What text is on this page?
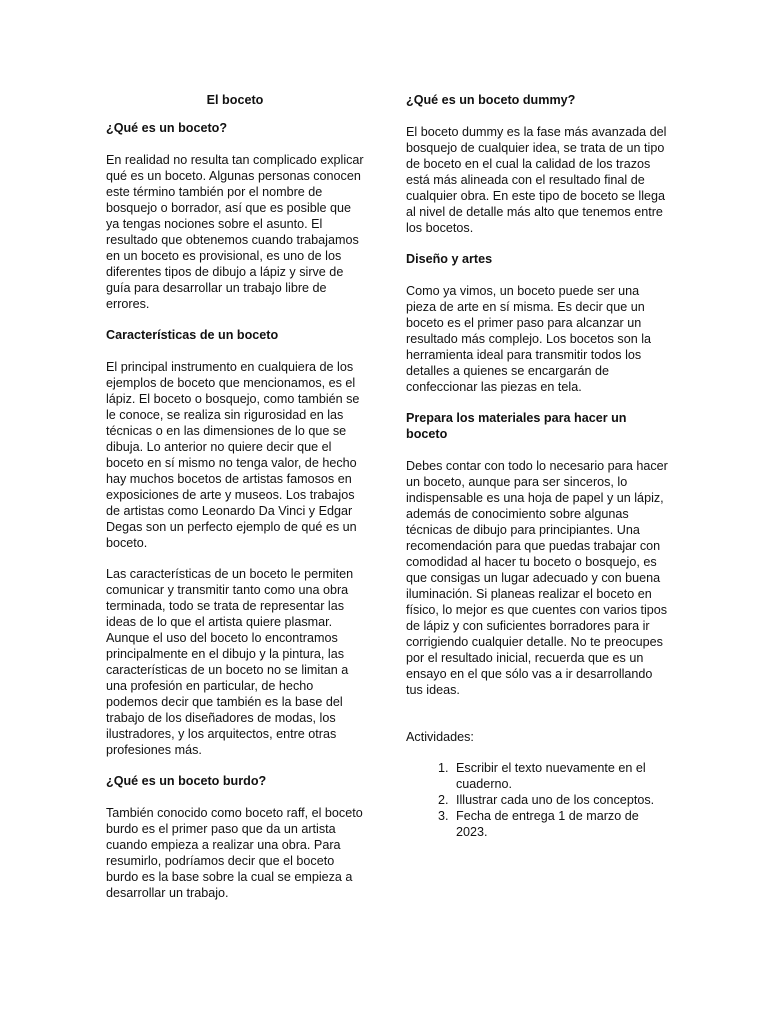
El boceto
¿Qué es un boceto?

En realidad no resulta tan complicado explicar qué es un boceto. Algunas personas conocen este término también por el nombre de bosquejo o borrador, así que es posible que ya tengas nociones sobre el asunto. El resultado que obtenemos cuando trabajamos en un boceto es provisional, es uno de los diferentes tipos de dibujo a lápiz y sirve de guía para desarrollar un trabajo libre de errores.

Características de un boceto

El principal instrumento en cualquiera de los ejemplos de boceto que mencionamos, es el lápiz. El boceto o bosquejo, como también se le conoce, se realiza sin rigurosidad en las técnicas o en las dimensiones de lo que se dibuja. Lo anterior no quiere decir que el boceto en sí mismo no tenga valor, de hecho hay muchos bocetos de artistas famosos en exposiciones de arte y museos. Los trabajos de artistas como Leonardo Da Vinci y Edgar Degas son un perfecto ejemplo de qué es un boceto.

Las características de un boceto le permiten comunicar y transmitir tanto como una obra terminada, todo se trata de representar las ideas de lo que el artista quiere plasmar. Aunque el uso del boceto lo encontramos principalmente en el dibujo y la pintura, las características de un boceto no se limitan a una profesión en particular, de hecho podemos decir que también es la base del trabajo de los diseñadores de modas, los ilustradores, y los arquitectos, entre otras profesiones más.

¿Qué es un boceto burdo?

También conocido como boceto raff, el boceto burdo es el primer paso que da un artista cuando empieza a realizar una obra. Para resumirlo, podríamos decir que el boceto burdo es la base sobre la cual se empieza a desarrollar un trabajo.

¿Qué es un boceto dummy?

El boceto dummy es la fase más avanzada del bosquejo de cualquier idea, se trata de un tipo de boceto en el cual la calidad de los trazos está más alineada con el resultado final de cualquier obra. En este tipo de boceto se llega al nivel de detalle más alto que tenemos entre los bocetos.

Diseño y artes

Como ya vimos, un boceto puede ser una pieza de arte en sí misma. Es decir que un boceto es el primer paso para alcanzar un resultado más complejo. Los bocetos son la herramienta ideal para transmitir todos los detalles a quienes se encargarán de confeccionar las piezas en tela.

Prepara los materiales para hacer un boceto

Debes contar con todo lo necesario para hacer un boceto, aunque para ser sinceros, lo indispensable es una hoja de papel y un lápiz, además de conocimiento sobre algunas técnicas de dibujo para principiantes. Una recomendación para que puedas trabajar con comodidad al hacer tu boceto o bosquejo, es que consigas un lugar adecuado y con buena iluminación. Si planeas realizar el boceto en físico, lo mejor es que cuentes con varios tipos de lápiz y con suficientes borradores para ir corrigiendo cualquier detalle. No te preocupes por el resultado inicial, recuerda que es un ensayo en el que sólo vas a ir desarrollando tus ideas.

Actividades:

1. Escribir el texto nuevamente en el cuaderno.
2. Illustrar cada uno de los conceptos.
3. Fecha de entrega 1 de marzo de 2023.
